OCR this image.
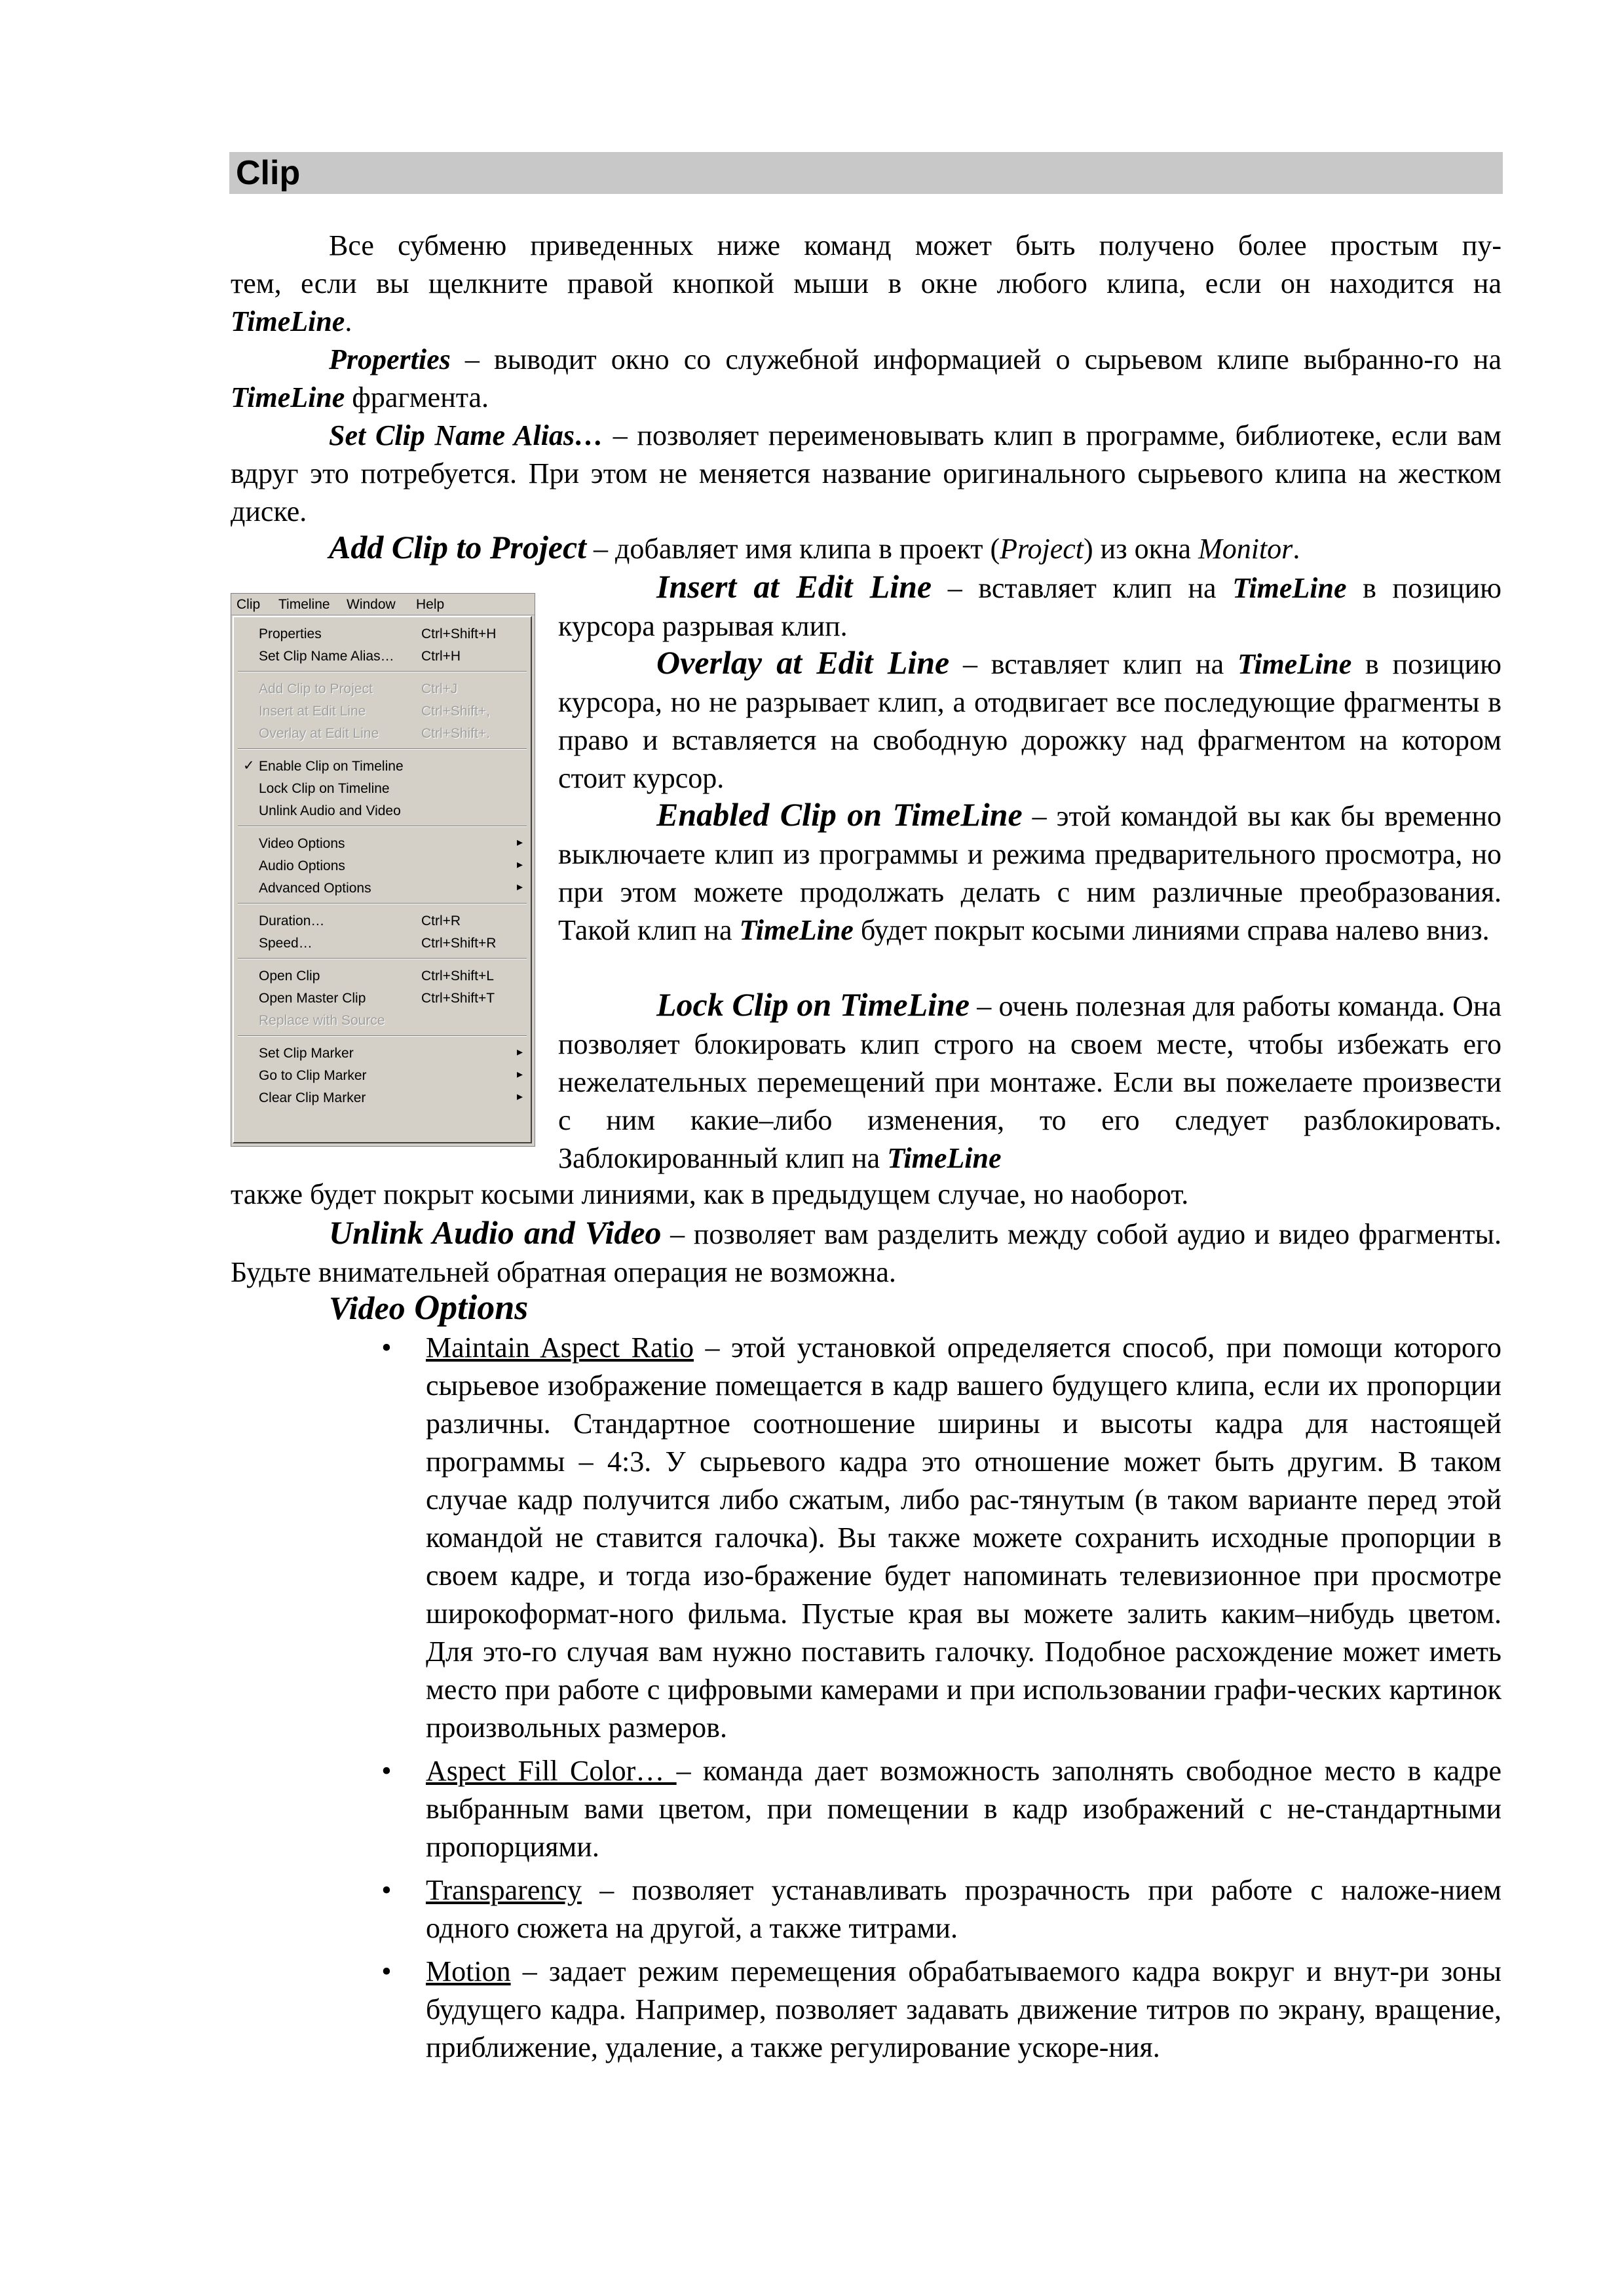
Clip
Все субменю приведенных ниже команд может быть получено более простым пу-
тем, если вы щелкните правой кнопкой мыши в окне любого клипа, если он находится на
TimeLine.
Properties – выводит окно со служебной информацией о сырьевом клипе выбранно-го на TimeLine фрагмента.
Set Clip Name Alias… – позволяет переименовывать клип в программе, библиотеке, если вам вдруг это потребуется. При этом не меняется название оригинального сырьевого клипа на жестком диске.
Add Clip to Project – добавляет имя клипа в проект (Project) из окна Monitor.
Clip Timeline Window Help
Properties	Ctrl+Shift+H
Set Clip Name Alias… Ctrl+H
Add Clip to Project	Ctrl+J
Insert at Edit Line	Ctrl+Shift+,
Overlay at Edit Line	Ctrl+Shift+.
✓ Enable Clip on Timeline
Lock Clip on Timeline
Unlink Audio and Video
Video Options	▸
Audio Options	▸
Advanced Options	▸
Duration…	Ctrl+R
Speed…	Ctrl+Shift+R
Open Clip	Ctrl+Shift+L
Open Master Clip	Ctrl+Shift+T
Replace with Source
Set Clip Marker	▸
Go to Clip Marker	▸
Clear Clip Marker	▸
Insert at Edit Line – вставляет клип на TimeLine в позицию курсора разрывая клип.
Overlay at Edit Line – вставляет клип на TimeLine в позицию курсора, но не разрывает клип, а отодвигает все последующие фрагменты в право и вставляется на свободную дорожку над фрагментом на котором стоит курсор.
Enabled Clip on TimeLine – этой командой вы как бы временно выключаете клип из программы и режима предварительного просмотра, но при этом можете продолжать делать с ним различные преобразования. Такой клип на TimeLine будет покрыт косыми линиями справа налево вниз.
Lock Clip on TimeLine – очень полезная для работы команда. Она позволяет блокировать клип строго на своем месте, чтобы избежать его нежелательных перемещений при монтаже. Если вы пожелаете произвести с ним какие–либо изменения, то его следует разблокировать. Заблокированный клип на TimeLine
также будет покрыт косыми линиями, как в предыдущем случае, но наоборот.
Unlink Audio and Video – позволяет вам разделить между собой аудио и видео фрагменты. Будьте внимательней обратная операция не возможна.
Video Options
• Maintain Aspect Ratio – этой установкой определяется способ, при помощи которого сырьевое изображение помещается в кадр вашего будущего клипа, если их пропорции различны. Стандартное соотношение ширины и высоты кадра для настоящей программы – 4:3. У сырьевого кадра это отношение может быть другим. В таком случае кадр получится либо сжатым, либо рас-тянутым (в таком варианте перед этой командой не ставится галочка). Вы также можете сохранить исходные пропорции в своем кадре, и тогда изо-бражение будет напоминать телевизионное при просмотре широкоформат-ного фильма. Пустые края вы можете залить каким–нибудь цветом. Для это-го случая вам нужно поставить галочку. Подобное расхождение может иметь место при работе с цифровыми камерами и при использовании графи-ческих картинок произвольных размеров.
• Aspect Fill Color… – команда дает возможность заполнять свободное место в кадре выбранным вами цветом, при помещении в кадр изображений с не-стандартными пропорциями.
• Transparency – позволяет устанавливать прозрачность при работе с наложе-нием одного сюжета на другой, а также титрами.
• Motion – задает режим перемещения обрабатываемого кадра вокруг и внут-ри зоны будущего кадра. Например, позволяет задавать движение титров по экрану, вращение, приближение, удаление, а также регулирование ускоре-ния.
